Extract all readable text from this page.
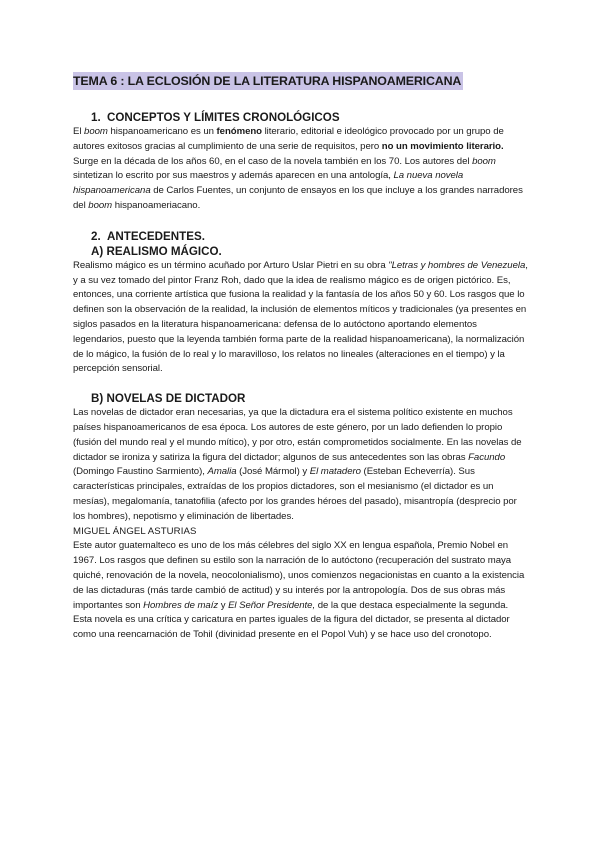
TEMA 6 : LA ECLOSIÓN DE LA LITERATURA HISPANOAMERICANA
1. CONCEPTOS Y LÍMITES CRONOLÓGICOS

El boom hispanoamericano es un fenómeno literario, editorial e ideológico provocado por un grupo de autores exitosos gracias al cumplimiento de una serie de requisitos, pero no un movimiento literario. Surge en la década de los años 60, en el caso de la novela también en los 70. Los autores del boom sintetizan lo escrito por sus maestros y además aparecen en una antología, La nueva novela hispanoamericana de Carlos Fuentes, un conjunto de ensayos en los que incluye a los grandes narradores del boom hispanoameriacano.

2. ANTECEDENTES.
A) REALISMO MÁGICO.

Realismo mágico es un término acuñado por Arturo Uslar Pietri en su obra "Letras y hombres de Venezuela, y a su vez tomado del pintor Franz Roh, dado que la idea de realismo mágico es de origen pictórico. Es, entonces, una corriente artística que fusiona la realidad y la fantasía de los años 50 y 60. Los rasgos que lo definen son la observación de la realidad, la inclusión de elementos míticos y tradicionales (ya presentes en siglos pasados en la literatura hispanoamericana: defensa de lo autóctono aportando elementos legendarios, puesto que la leyenda también forma parte de la realidad hispanoamericana), la normalización de lo mágico, la fusión de lo real y lo maravilloso, los relatos no lineales (alteraciones en el tiempo) y la percepción sensorial.

B) NOVELAS DE DICTADOR

Las novelas de dictador eran necesarias, ya que la dictadura era el sistema político existente en muchos países hispanoamericanos de esa época. Los autores de este género, por un lado defienden lo propio (fusión del mundo real y el mundo mítico), y por otro, están comprometidos socialmente. En las novelas de dictador se ironiza y satiriza la figura del dictador; algunos de sus antecedentes son las obras Facundo (Domingo Faustino Sarmiento), Amalia (José Mármol) y El matadero (Esteban Echeverría). Sus características principales, extraídas de los propios dictadores, son el mesianismo (el dictador es un mesías), megalomanía, tanatofilia (afecto por los grandes héroes del pasado), misantropía (desprecio por los hombres), nepotismo y eliminación de libertades.

MIGUEL ÁNGEL ASTURIAS

Este autor guatemalteco es uno de los más célebres del siglo XX en lengua española, Premio Nobel en 1967. Los rasgos que definen su estilo son la narración de lo autóctono (recuperación del sustrato maya quiché, renovación de la novela, neocolonialismo), unos comienzos negacionistas en cuanto a la existencia de las dictaduras (más tarde cambió de actitud) y su interés por la antropología. Dos de sus obras más importantes son Hombres de maíz y El Señor Presidente, de la que destaca especialmente la segunda. Esta novela es una crítica y caricatura en partes iguales de la figura del dictador, se presenta al dictador como una reencarnación de Tohil (divinidad presente en el Popol Vuh) y se hace uso del cronotopo.
